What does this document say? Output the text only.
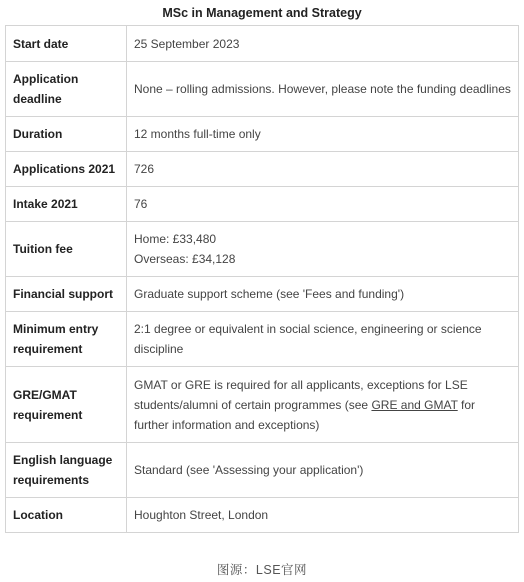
MSc in Management and Strategy
Start date	25 September 2023
Application deadline	None – rolling admissions. However, please note the funding deadlines
Duration	12 months full-time only
Applications 2021	726
Intake 2021	76
Tuition fee	Home: £33,480
Overseas: £34,128

Financial support	Graduate support scheme (see 'Fees and funding')
Minimum entry requirement	2:1 degree or equivalent in social science, engineering or science discipline
GRE/GMAT requirement	GMAT or GRE is required for all applicants, exceptions for LSE students/alumni of certain programmes (see GRE and GMAT for further information and exceptions)
English language requirements	Standard (see 'Assessing your application')
Location	Houghton Street, London
图源：LSE官网
